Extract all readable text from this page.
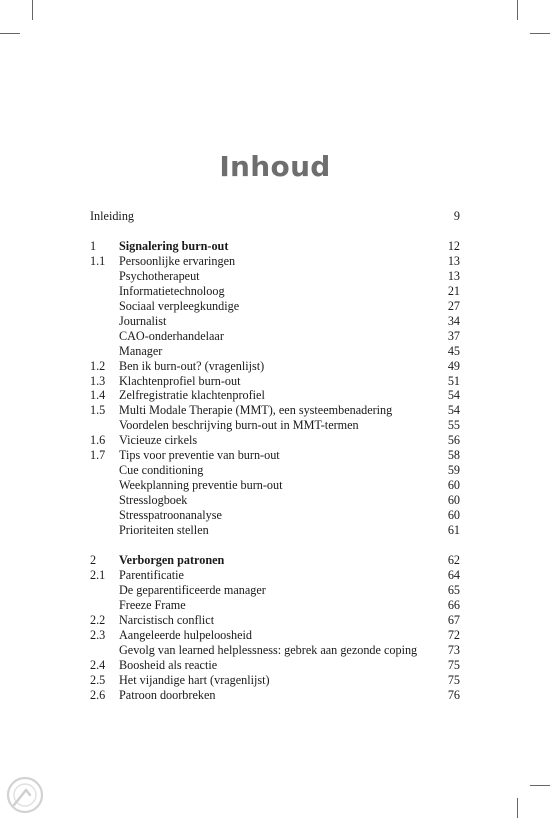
Inhoud
Inleiding	9
1 Signalering burn-out	12
1.1 Persoonlijke ervaringen	13
Psychotherapeut	13
Informatietechnoloog	21
Sociaal verpleegkundige	27
Journalist	34
CAO-onderhandelaar	37
Manager	45
1.2 Ben ik burn-out? (vragenlijst)	49
1.3 Klachtenprofiel burn-out	51
1.4 Zelfregistratie klachtenprofiel	54
1.5 Multi Modale Therapie (MMT), een systeembenadering	54
Voordelen beschrijving burn-out in MMT-termen	55
1.6 Vicieuze cirkels	56
1.7 Tips voor preventie van burn-out	58
Cue conditioning	59
Weekplanning preventie burn-out	60
Stresslogboek	60
Stresspatroonanalyse	60
Prioriteiten stellen	61
2 Verborgen patronen	62
2.1 Parentificatie	64
De geparentificeerde manager	65
Freeze Frame	66
2.2 Narcistisch conflict	67
2.3 Aangeleerde hulpeloosheid	72
Gevolg van learned helplessness: gebrek aan gezonde coping	73
2.4 Boosheid als reactie	75
2.5 Het vijandige hart (vragenlijst)	75
2.6 Patroon doorbreken	76
